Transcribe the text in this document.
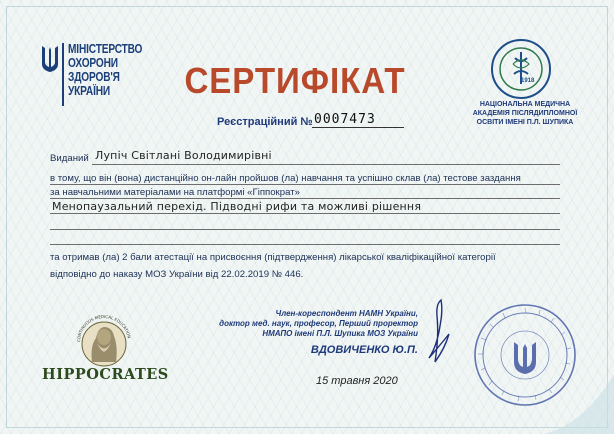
МІНІСТЕРСТВО
ОХОРОНИ
ЗДОРОВ'Я
УКРАЇНИ	СЕРТИФІКАТ
Реєстраційний № 0007473
1918
НАЦІОНАЛЬНА МЕДИЧНА
АКАДЕМІЯ ПІСЛЯДИПЛОМНОЇ
ОСВІТИ ІМЕНІ П.Л. ШУПИКА
Виданий Лупіч Світлані Володимирівні
в тому, що він (вона) дистанційно он-лайн пройшов (ла) навчання та успішно склав (ла) тестове заздання
за навчальними матеріалами на платформі «Гіппократ»
Менопаузальний перехід. Підводні рифи та можливі рішення
та отримав (ла) 2 бали атестації на присвоєння (підтвердження) лікарської кваліфікаційної категорії
відповідно до наказу МОЗ України від 22.02.2019 № 446.
CONTINUOUS MEDICAL EDUCATION
HIPPOCRATES
Член-кореспондент НАМН України,
доктор мед. наук, професор, Перший проректор
НМАПО імені П.Л. Шупика МОЗ України
ВДОВИЧЕНКО Ю.П.
15 травня 2020
